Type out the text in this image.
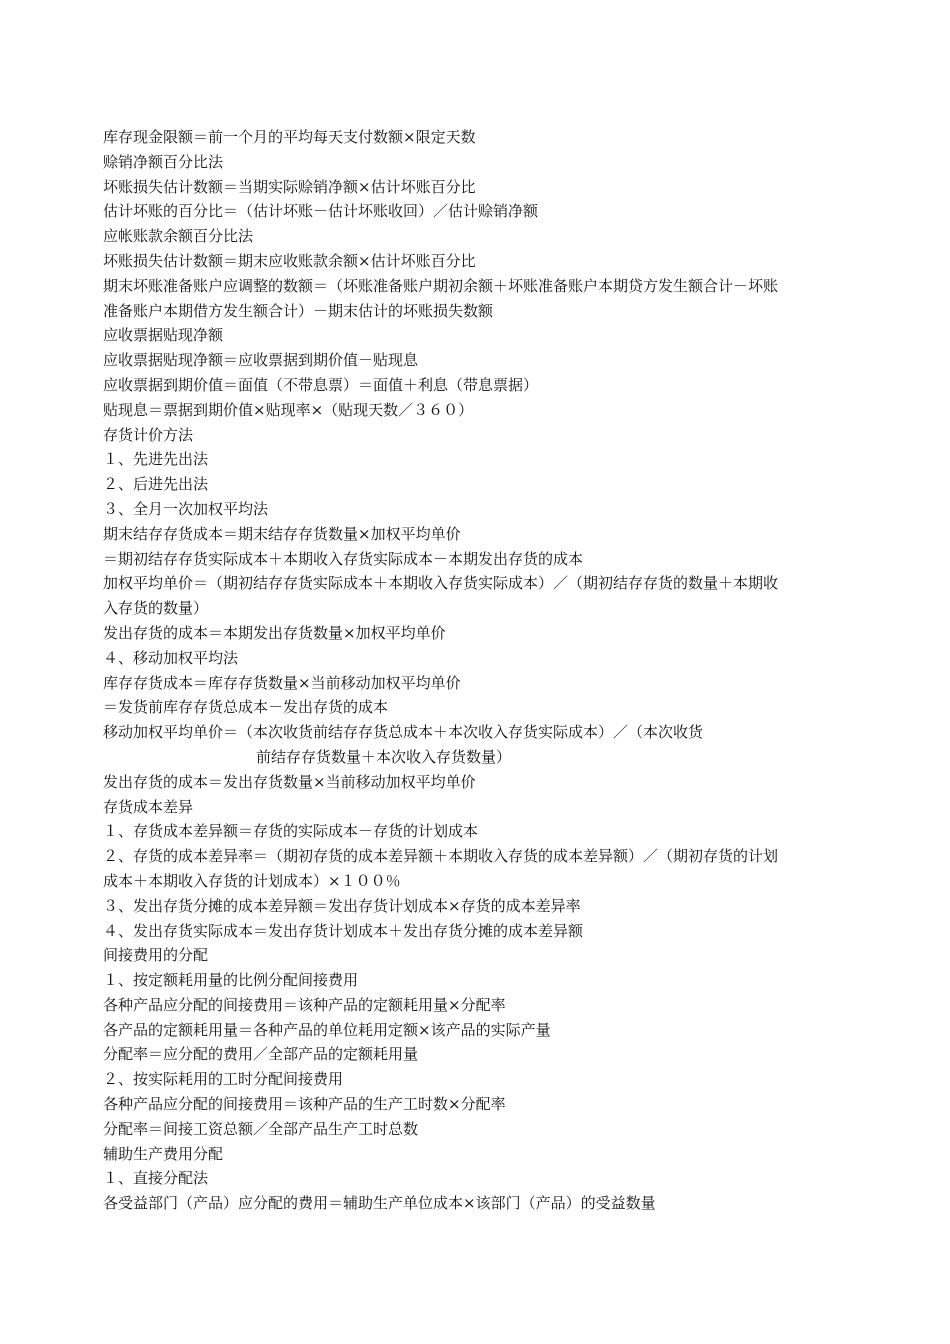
库存现金限额＝前一个月的平均每天支付数额×限定天数
赊销净额百分比法
坏账损失估计数额＝当期实际赊销净额×估计坏账百分比
估计坏账的百分比＝（估计坏账－估计坏账收回）／估计赊销净额
应帐账款余额百分比法
坏账损失估计数额＝期末应收账款余额×估计坏账百分比
期末坏账准备账户应调整的数额＝（坏账准备账户期初余额＋坏账准备账户本期贷方发生额合计－坏账
准备账户本期借方发生额合计）－期末估计的坏账损失数额
应收票据贴现净额
应收票据贴现净额＝应收票据到期价值－贴现息
应收票据到期价值＝面值（不带息票）＝面值＋利息（带息票据）
贴现息＝票据到期价值×贴现率×（贴现天数／３６０）
存货计价方法
１、先进先出法
２、后进先出法
３、全月一次加权平均法
期末结存存货成本＝期末结存存货数量×加权平均单价
＝期初结存存货实际成本＋本期收入存货实际成本－本期发出存货的成本
加权平均单价＝（期初结存存货实际成本＋本期收入存货实际成本）／（期初结存存货的数量＋本期收
入存货的数量）
发出存货的成本＝本期发出存货数量×加权平均单价
４、移动加权平均法
库存存货成本＝库存存货数量×当前移动加权平均单价
＝发货前库存存货总成本－发出存货的成本
移动加权平均单价＝（本次收货前结存存货总成本＋本次收入存货实际成本）／（本次收货
前结存存货数量＋本次收入存货数量）
发出存货的成本＝发出存货数量×当前移动加权平均单价
存货成本差异
１、存货成本差异额＝存货的实际成本－存货的计划成本
２、存货的成本差异率＝（期初存货的成本差异额＋本期收入存货的成本差异额）／（期初存货的计划
成本＋本期收入存货的计划成本）×１００％
３、发出存货分摊的成本差异额＝发出存货计划成本×存货的成本差异率
４、发出存货实际成本＝发出存货计划成本＋发出存货分摊的成本差异额
间接费用的分配
１、按定额耗用量的比例分配间接费用
各种产品应分配的间接费用＝该种产品的定额耗用量×分配率
各产品的定额耗用量＝各种产品的单位耗用定额×该产品的实际产量
分配率＝应分配的费用／全部产品的定额耗用量
２、按实际耗用的工时分配间接费用
各种产品应分配的间接费用＝该种产品的生产工时数×分配率
分配率＝间接工资总额／全部产品生产工时总数
辅助生产费用分配
１、直接分配法
各受益部门（产品）应分配的费用＝辅助生产单位成本×该部门（产品）的受益数量
